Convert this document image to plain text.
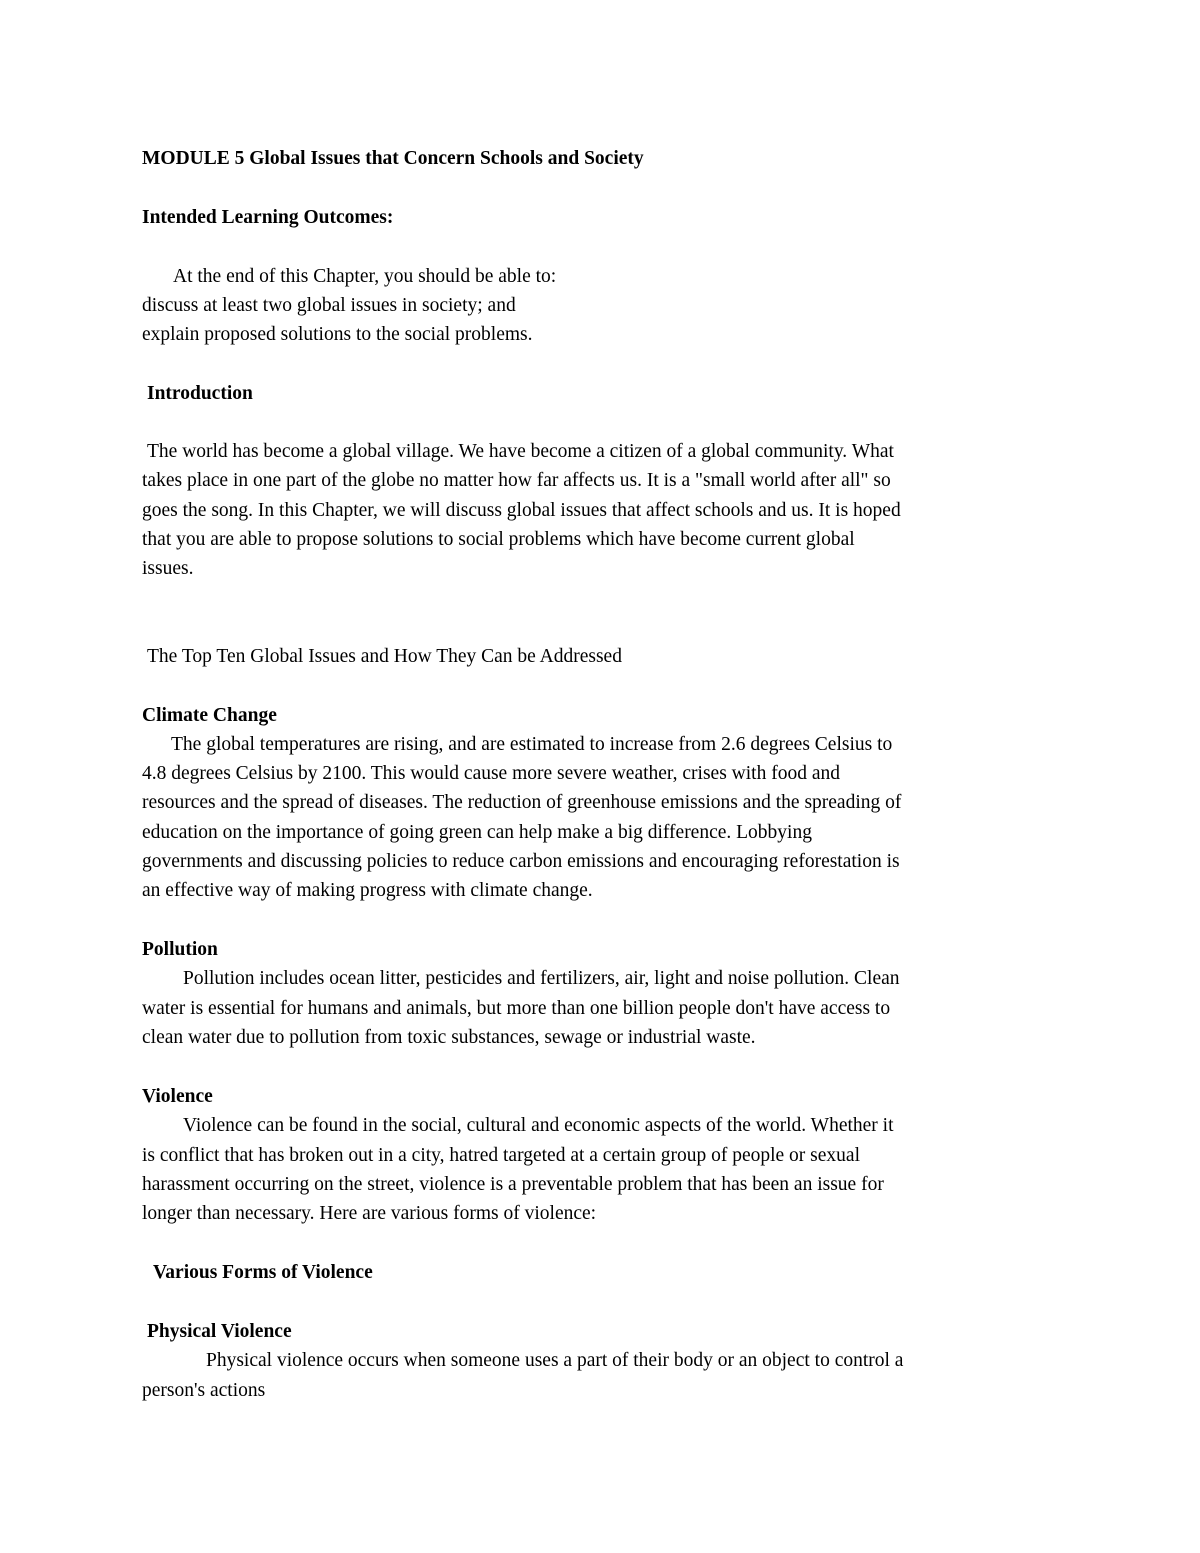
MODULE 5 Global Issues that Concern Schools and Society
Intended Learning Outcomes:
At the end of this Chapter, you should be able to:
discuss at least two global issues in society; and
explain proposed solutions to the social problems.
Introduction
The world has become a global village. We have become a citizen of a global community. What
takes place in one part of the globe no matter how far affects us. It is a "small world after all" so
goes the song. In this Chapter, we will discuss global issues that affect schools and us. It is hoped
that you are able to propose solutions to social problems which have become current global
issues.
The Top Ten Global Issues and How They Can be Addressed
Climate Change
The global temperatures are rising, and are estimated to increase from 2.6 degrees Celsius to
4.8 degrees Celsius by 2100. This would cause more severe weather, crises with food and
resources and the spread of diseases. The reduction of greenhouse emissions and the spreading of
education on the importance of going green can help make a big difference. Lobbying
governments and discussing policies to reduce carbon emissions and encouraging reforestation is
an effective way of making progress with climate change.
Pollution
Pollution includes ocean litter, pesticides and fertilizers, air, light and noise pollution. Clean
water is essential for humans and animals, but more than one billion people don't have access to
clean water due to pollution from toxic substances, sewage or industrial waste.
Violence
Violence can be found in the social, cultural and economic aspects of the world. Whether it
is conflict that has broken out in a city, hatred targeted at a certain group of people or sexual
harassment occurring on the street, violence is a preventable problem that has been an issue for
longer than necessary. Here are various forms of violence:
Various Forms of Violence
Physical Violence
Physical violence occurs when someone uses a part of their body or an object to control a
person's actions
